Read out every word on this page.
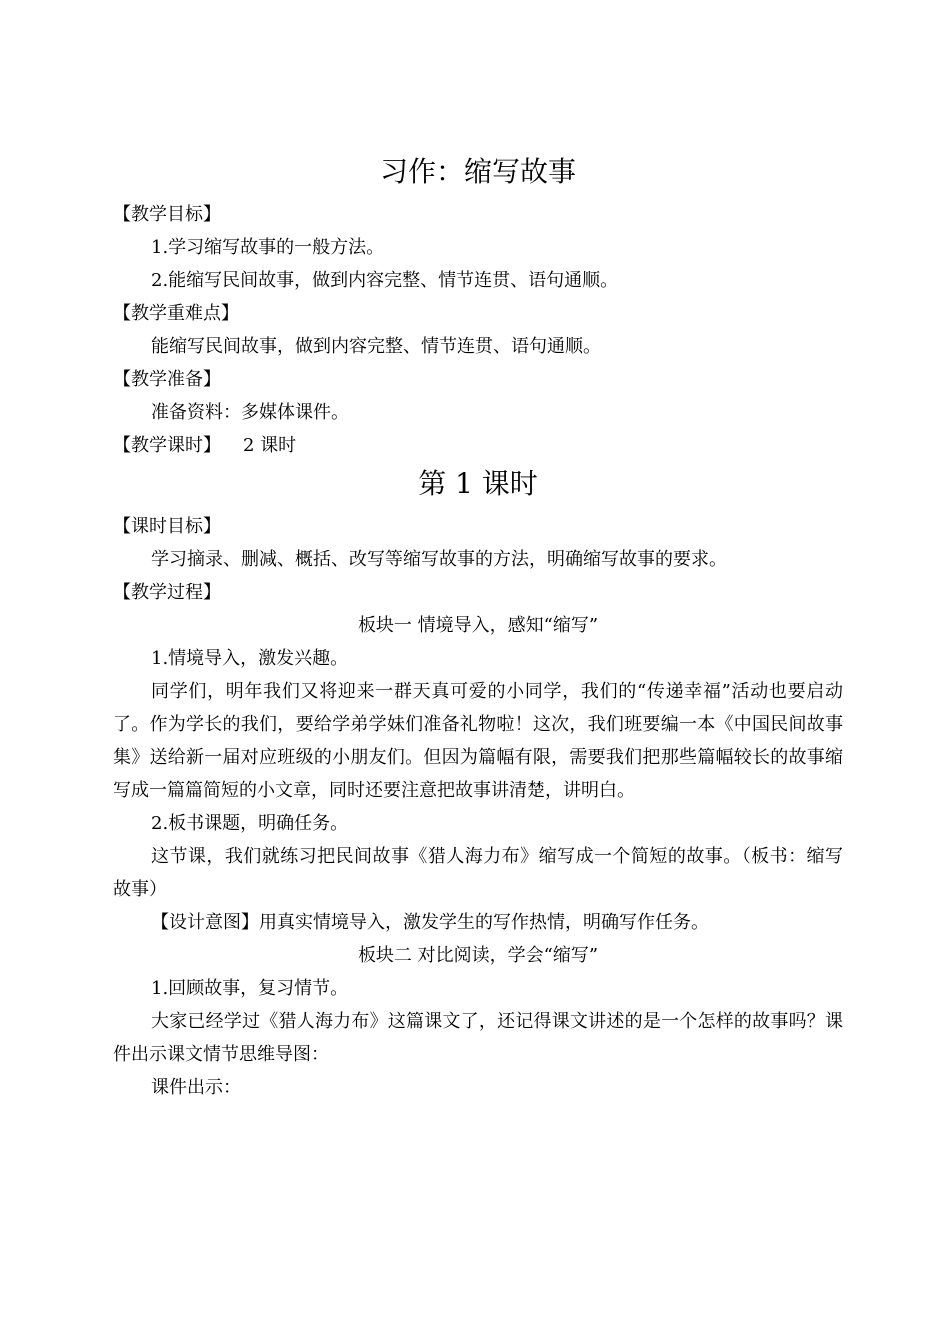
习作：缩写故事
【教学目标】
1.学习缩写故事的一般方法。
2.能缩写民间故事，做到内容完整、情节连贯、语句通顺。
【教学重难点】
能缩写民间故事，做到内容完整、情节连贯、语句通顺。
【教学准备】
准备资料：多媒体课件。
【教学课时】 2 课时
第 1 课时
【课时目标】
学习摘录、删减、概括、改写等缩写故事的方法，明确缩写故事的要求。
【教学过程】
板块一 情境导入，感知“缩写”
1.情境导入，激发兴趣。
同学们，明年我们又将迎来一群天真可爱的小同学，我们的“传递幸福”活动也要启动了。作为学长的我们，要给学弟学妹们准备礼物啦！这次，我们班要编一本《中国民间故事集》送给新一届对应班级的小朋友们。但因为篇幅有限，需要我们把那些篇幅较长的故事缩写成一篇篇简短的小文章，同时还要注意把故事讲清楚，讲明白。
2.板书课题，明确任务。
这节课，我们就练习把民间故事《猎人海力布》缩写成一个简短的故事。（板书：缩写故事）
【设计意图】用真实情境导入，激发学生的写作热情，明确写作任务。
板块二 对比阅读，学会“缩写”
1.回顾故事，复习情节。
大家已经学过《猎人海力布》这篇课文了，还记得课文讲述的是一个怎样的故事吗？课件出示课文情节思维导图：
课件出示：
